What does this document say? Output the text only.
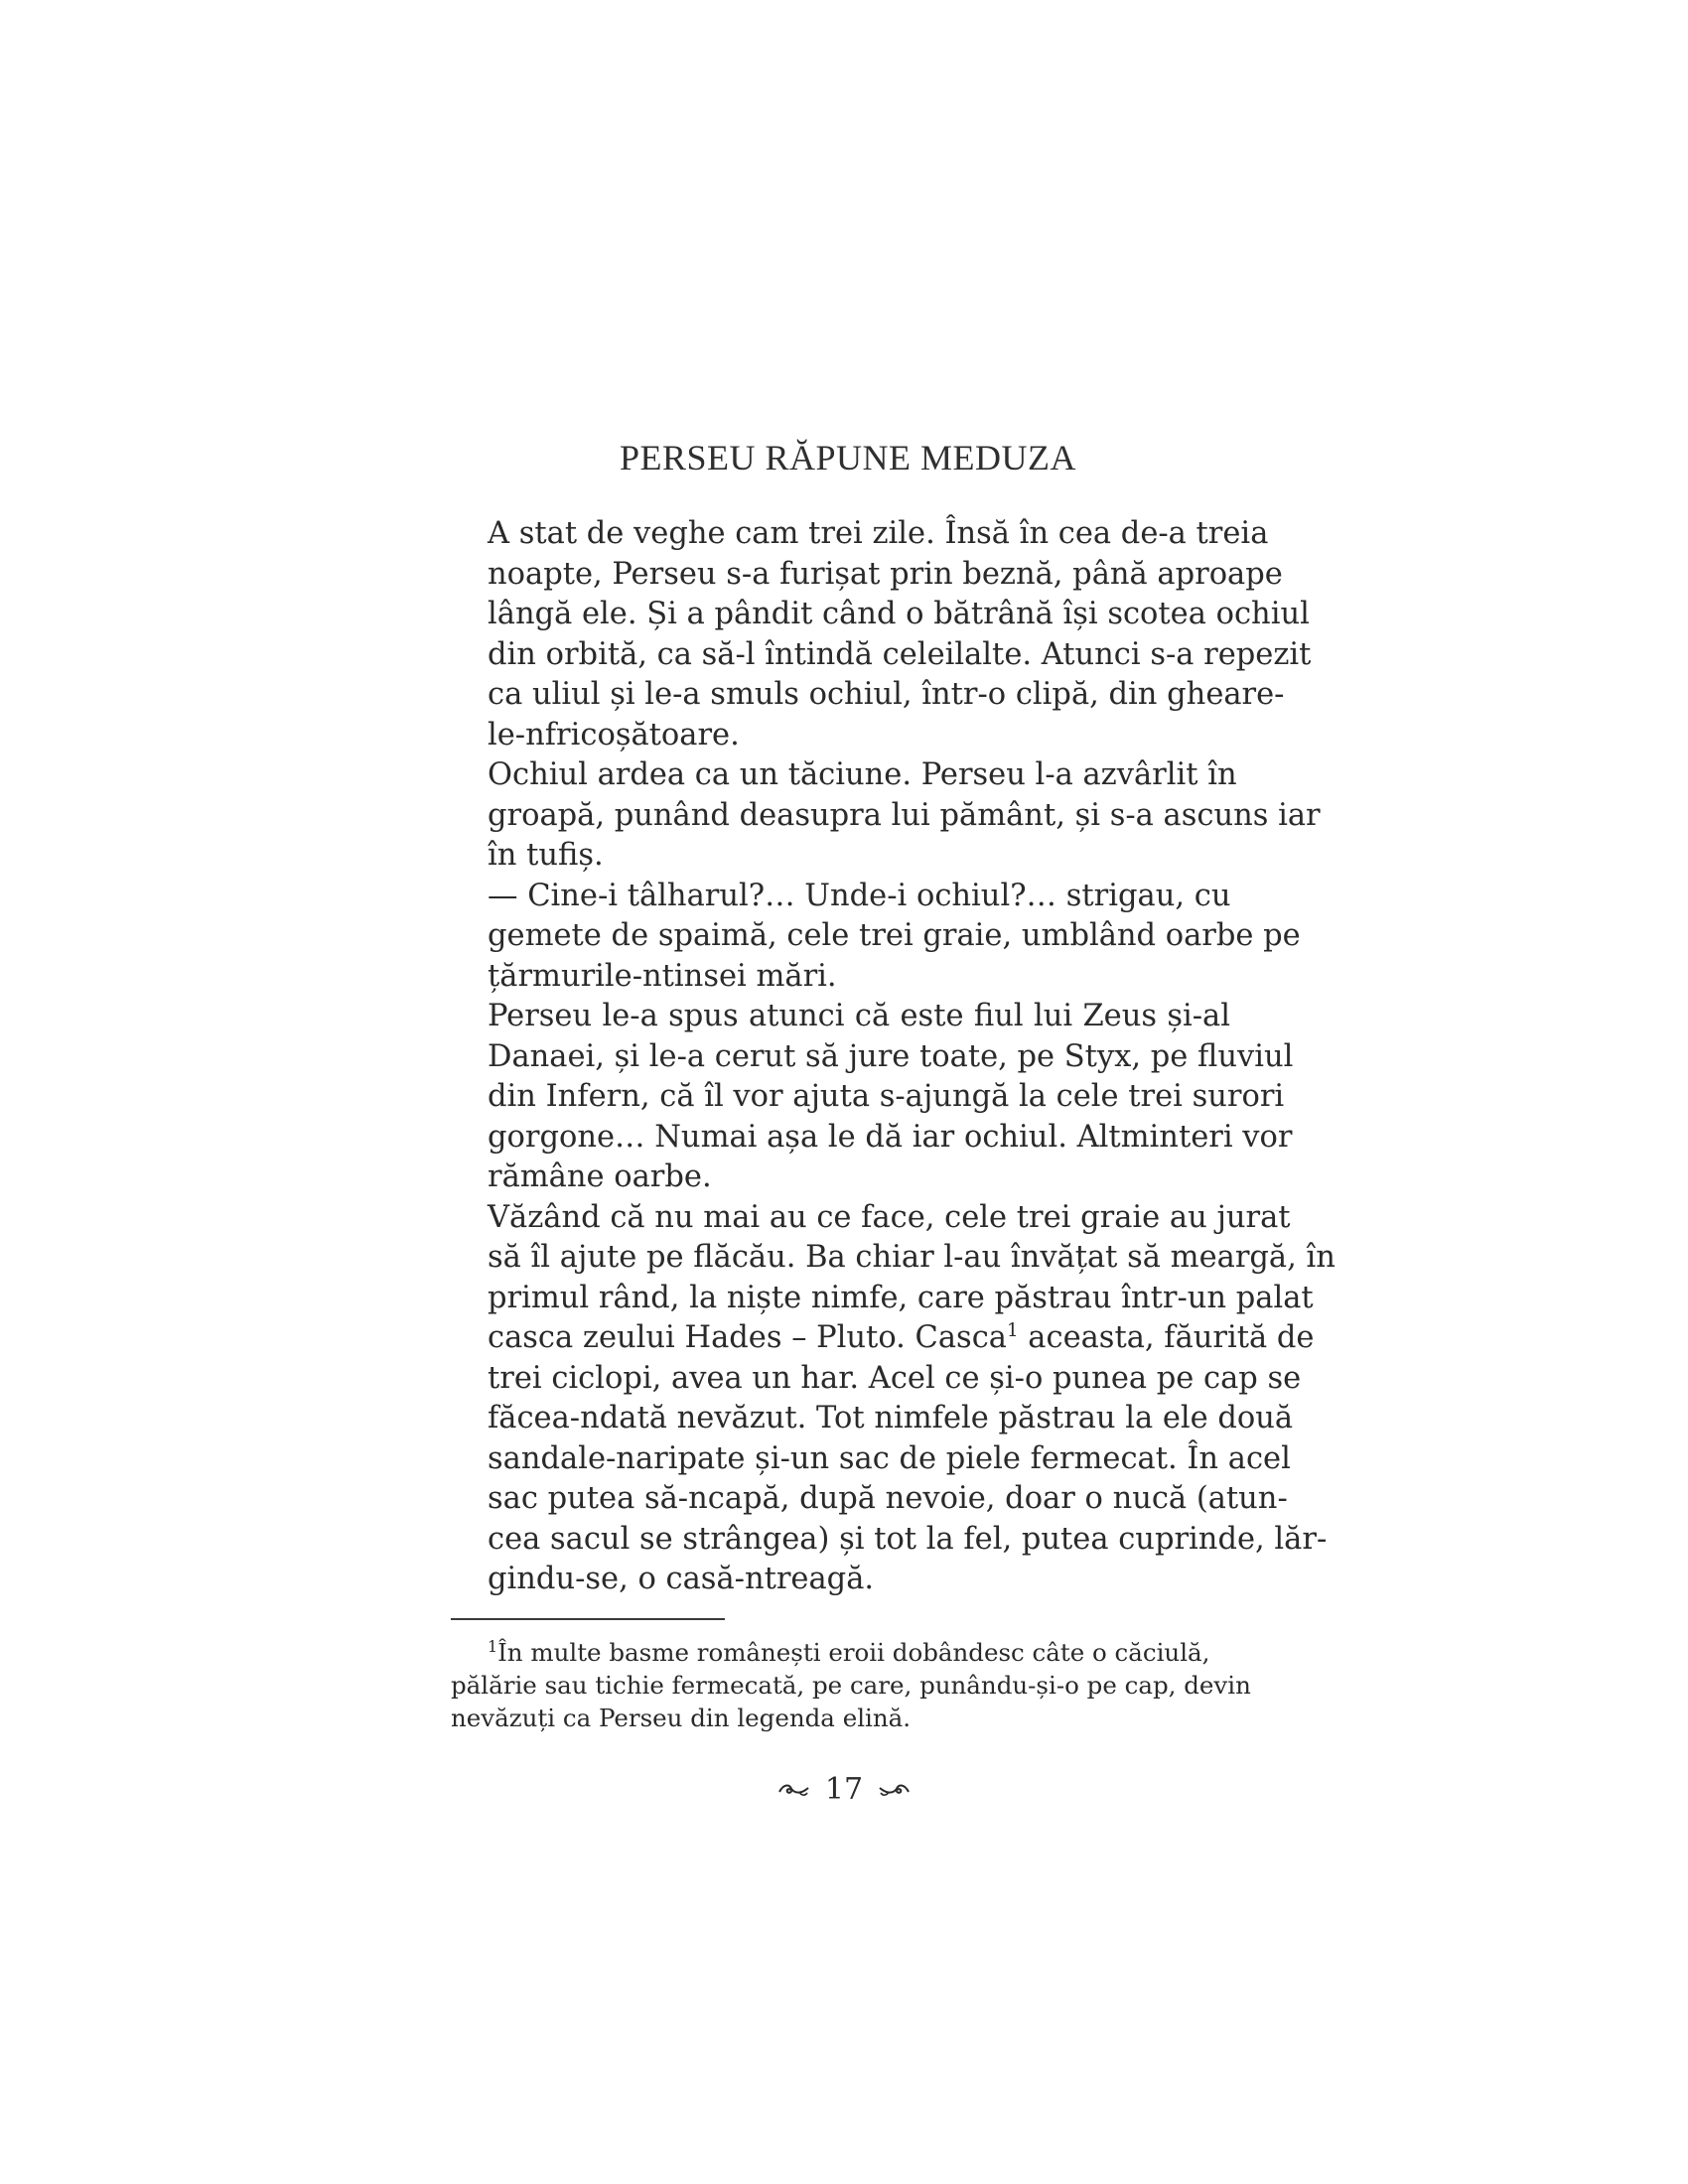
PERSEU RĂPUNE MEDUZA

A stat de veghe cam trei zile. Însă în cea de-a treia
noapte, Perseu s-a furișat prin beznă, până aproape
lângă ele. Și a pândit când o bătrână își scotea ochiul
din orbită, ca să-l întindă celeilalte. Atunci s-a repezit
ca uliul și le-a smuls ochiul, într-o clipă, din gheare-
le-nfricoșătoare.

Ochiul ardea ca un tăciune. Perseu l-a azvârlit în
groapă, punând deasupra lui pământ, și s-a ascuns iar
în tufiș.

— Cine-i tâlharul?… Unde-i ochiul?… strigau, cu
gemete de spaimă, cele trei graie, umblând oarbe pe
țărmurile-ntinsei mări.

Perseu le-a spus atunci că este fiul lui Zeus și-al
Danaei, și le-a cerut să jure toate, pe Styx, pe fluviul
din Infern, că îl vor ajuta s-ajungă la cele trei surori
gorgone… Numai așa le dă iar ochiul. Altminteri vor
rămâne oarbe.

Văzând că nu mai au ce face, cele trei graie au jurat
să îl ajute pe flăcău. Ba chiar l-au învățat să meargă, în
primul rând, la niște nimfe, care păstrau într-un palat
casca zeului Hades – Pluto. Casca$^1$ aceasta, făurită de
trei ciclopi, avea un har. Acel ce și-o punea pe cap se
făcea-ndată nevăzut. Tot nimfele păstrau la ele două
sandale-naripate și-un sac de piele fermecat. În acel
sac putea să-ncapă, după nevoie, doar o nucă (atun-
cea sacul se strângea) și tot la fel, putea cuprinde, lăr-
gindu-se, o casă-ntreagă.

$^1$În multe basme românești eroii dobândesc câte o căciulă,
pălărie sau tichie fermecată, pe care, punându-și-o pe cap, devin
nevăzuți ca Perseu din legenda elină.
17
